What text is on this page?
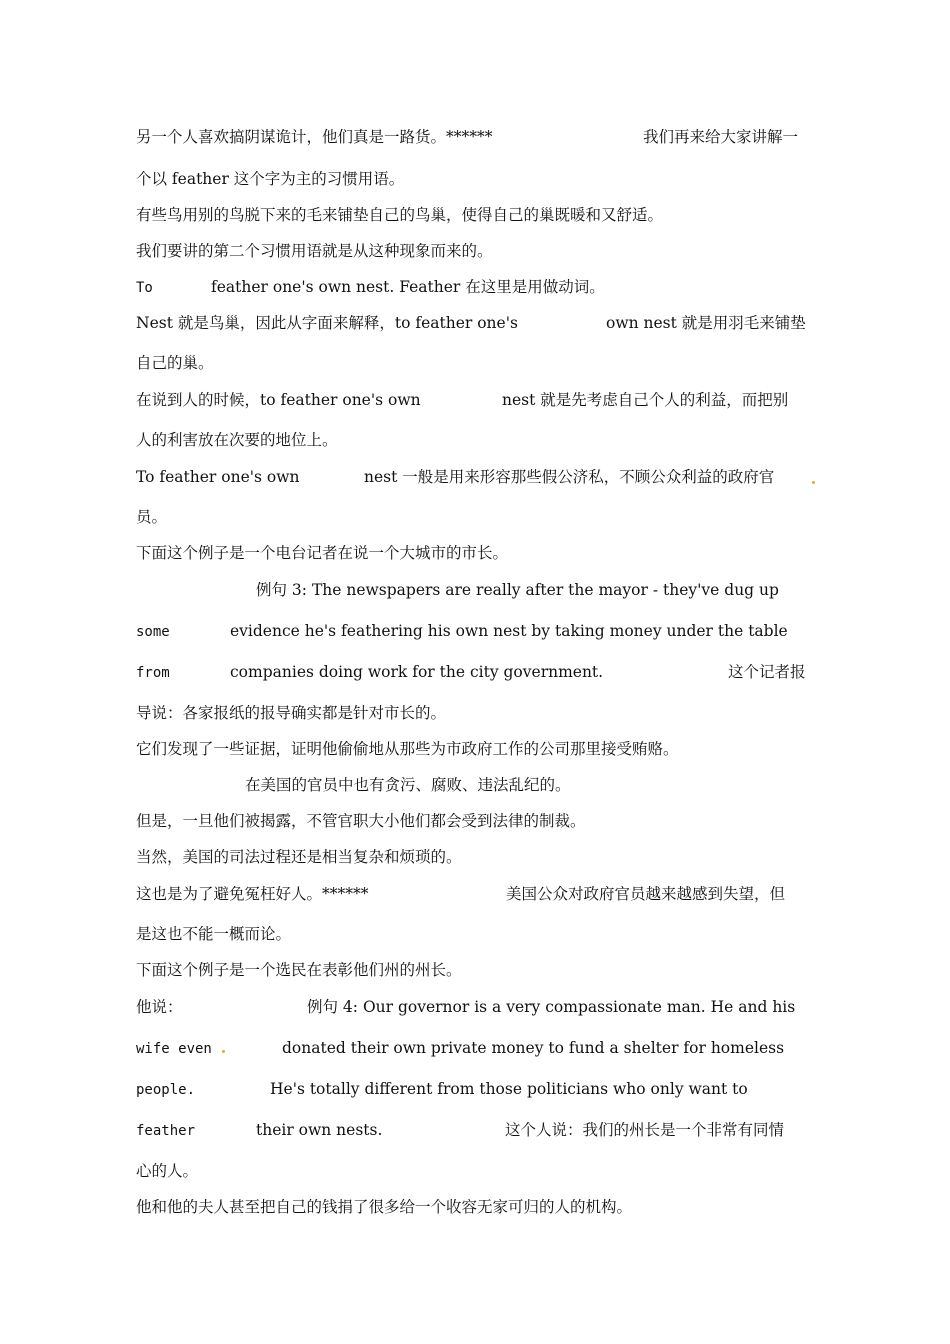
另一个人喜欢搞阴谋诡计，他们真是一路货。******	我们再来给大家讲解一
个以 feather 这个字为主的习惯用语。
有些鸟用别的鸟脱下来的毛来铺垫自己的鸟巢，使得自己的巢既暖和又舒适。
我们要讲的第二个习惯用语就是从这种现象而来的。
To	feather one's own nest. Feather 在这里是用做动词。
Nest 就是鸟巢，因此从字面来解释，to feather one's	own nest 就是用羽毛来铺垫
自己的巢。
在说到人的时候，to feather one's own	nest 就是先考虑自己个人的利益，而把别
人的利害放在次要的地位上。
To feather one's own	nest 一般是用来形容那些假公济私，不顾公众利益的政府官
员。
下面这个例子是一个电台记者在说一个大城市的市长。
例句 3: The newspapers are really after the mayor - they've dug up
some	evidence he's feathering his own nest by taking money under the table
from	companies doing work for the city government.	这个记者报
导说：各家报纸的报导确实都是针对市长的。
它们发现了一些证据，证明他偷偷地从那些为市政府工作的公司那里接受贿赂。
在美国的官员中也有贪污、腐败、违法乱纪的。
但是，一旦他们被揭露，不管官职大小他们都会受到法律的制裁。
当然，美国的司法过程还是相当复杂和烦琐的。
这也是为了避免冤枉好人。******	美国公众对政府官员越来越感到失望，但
是这也不能一概而论。
下面这个例子是一个选民在表彰他们州的州长。
他说：	例句 4: Our governor is a very compassionate man. He and his
wife even	donated their own private money to fund a shelter for homeless
people.	He's totally different from those politicians who only want to
feather	their own nests.	这个人说：我们的州长是一个非常有同情
心的人。
他和他的夫人甚至把自己的钱捐了很多给一个收容无家可归的人的机构。
